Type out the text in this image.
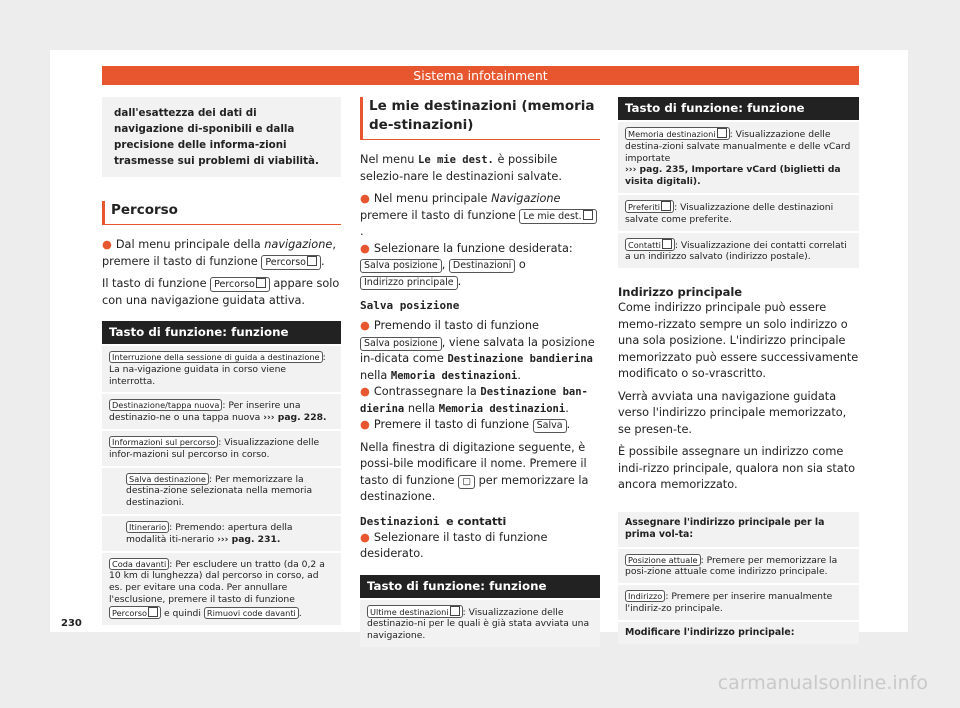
Sistema infotainment
dall'esattezza dei dati di navigazione di-sponibili e dalla precisione delle informa-zioni trasmesse sui problemi di viabilità.
Percorso

● Dal menu principale della navigazione, premere il tasto di funzione Percorso .

Il tasto di funzione Percorso appare solo con una navigazione guidata attiva.

Tasto di funzione: funzione
Interruzione della sessione di guida a destinazione : La na-vigazione guidata in corso viene interrotta.
Destinazione/tappa nuova : Per inserire una destinazio-ne o una tappa nuova ››› pag. 228.
Informazioni sul percorso : Visualizzazione delle infor-mazioni sul percorso in corso.
Salva destinazione : Per memorizzare la destina-zione selezionata nella memoria destinazioni.
Itinerario : Premendo: apertura della modalità iti-nerario ››› pag. 231.
Coda davanti : Per escludere un tratto (da 0,2 a 10 km di lunghezza) dal percorso in corso, ad es. per evitare una coda. Per annullare l'esclusione, premere il tasto di funzione Percorso e quindi Rimuovi code davanti .
Le mie destinazioni (memoria de-stinazioni)

Nel menu Le mie dest. è possibile selezio-nare le destinazioni salvate.

● Nel menu principale Navigazione premere il tasto di funzione Le mie dest..

● Selezionare la funzione desiderata:
Salva posizione , Destinazioni o
Indirizzo principale .

Salva posizione

● Premendo il tasto di funzione
Salva posizione , viene salvata la posizione in-dicata come Destinazione bandierina nella Memoria destinazioni.

● Contrassegnare la Destinazione ban-dierina nella Memoria destinazioni.

● Premere il tasto di funzione Salva .

Nella finestra di digitazione seguente, è possi-bile modificare il nome. Premere il tasto di funzione ▢ per memorizzare la destinazione.

Destinazioni e contatti

● Selezionare il tasto di funzione desiderato.

Tasto di funzione: funzione
Ultime destinazioni : Visualizzazione delle destinazio-ni per le quali è già stata avviata una navigazione.
Tasto di funzione: funzione
Memoria destinazioni : Visualizzazione delle destina-zioni salvate manualmente e delle vCard importate
››› pag. 235, Importare vCard (biglietti da visita digitali).
Preferiti : Visualizzazione delle destinazioni salvate come preferite.
Contatti : Visualizzazione dei contatti correlati a un indirizzo salvato (indirizzo postale).
Indirizzo principale

Come indirizzo principale può essere memo-rizzato sempre un solo indirizzo o una sola posizione. L'indirizzo principale memorizzato può essere successivamente modificato o so-vrascritto.

Verrà avviata una navigazione guidata verso l'indirizzo principale memorizzato, se presen-te.

È possibile assegnare un indirizzo come indi-rizzo principale, qualora non sia stato ancora memorizzato.

Assegnare l'indirizzo principale per la prima vol-ta:
Posizione attuale : Premere per memorizzare la posi-zione attuale come indirizzo principale.
Indirizzo : Premere per inserire manualmente l'indiriz-zo principale.
Modificare l'indirizzo principale:
230
carmanualsonline.info
